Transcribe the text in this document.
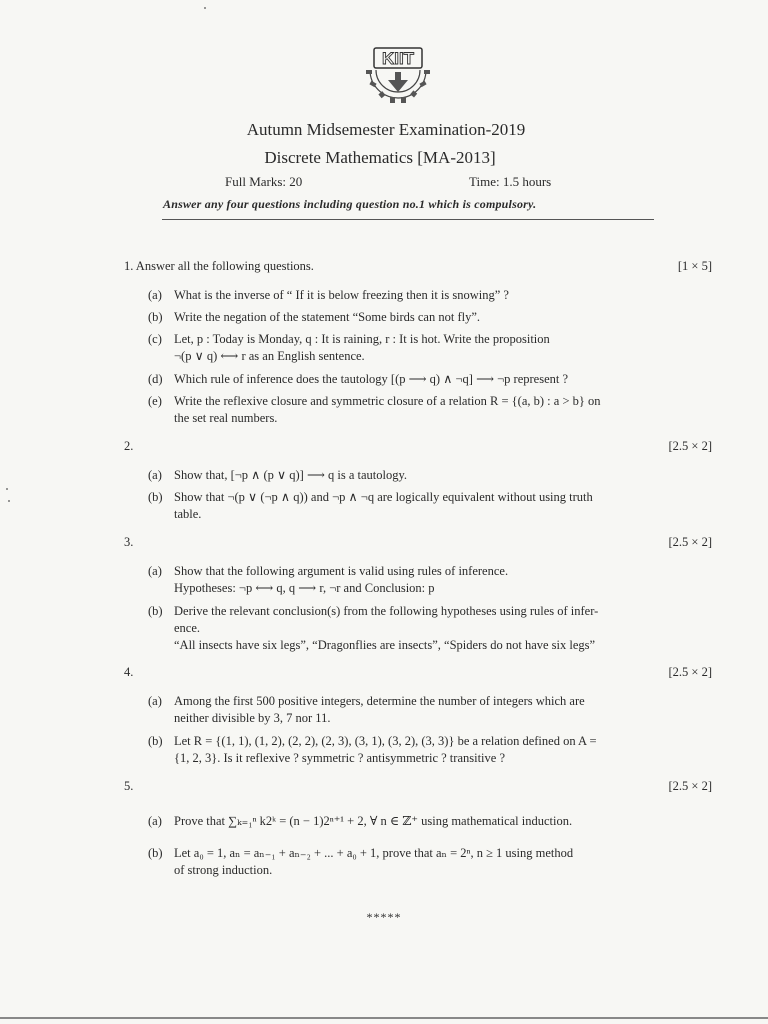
KIIT
Autumn Midsemester Examination-2019
Discrete Mathematics [MA-2013]
Full Marks: 20	Time: 1.5 hours
Answer any four questions including question no.1 which is compulsory.
1. Answer all the following questions.	[1 × 5]
(a) What is the inverse of “ If it is below freezing then it is snowing” ?
(b) Write the negation of the statement “Some birds can not fly”.
(c) Let, p : Today is Monday, q : It is raining, r : It is hot. Write the proposition
¬(p ∨ q) ⟷ r as an English sentence.
(d) Which rule of inference does the tautology [(p ⟶ q) ∧ ¬q] ⟶ ¬p represent ?
(e) Write the reflexive closure and symmetric closure of a relation R = {(a, b) : a > b} on
the set real numbers.
2.	[2.5 × 2]
(a) Show that, [¬p ∧ (p ∨ q)] ⟶ q is a tautology.
(b) Show that ¬(p ∨ (¬p ∧ q)) and ¬p ∧ ¬q are logically equivalent without using truth
table.
3.	[2.5 × 2]
(a) Show that the following argument is valid using rules of inference.
Hypotheses: ¬p ⟷ q, q ⟶ r, ¬r and Conclusion: p
(b) Derive the relevant conclusion(s) from the following hypotheses using rules of infer-
ence.
“All insects have six legs”, “Dragonflies are insects”, “Spiders do not have six legs”
4.	[2.5 × 2]
(a) Among the first 500 positive integers, determine the number of integers which are
neither divisible by 3, 7 nor 11.
(b) Let R = {(1, 1), (1, 2), (2, 2), (2, 3), (3, 1), (3, 2), (3, 3)} be a relation defined on A =
{1, 2, 3}. Is it reflexive ? symmetric ? antisymmetric ? transitive ?
5.	[2.5 × 2]
(a) Prove that ∑ₖ₌₁ⁿ k2ᵏ = (n − 1)2ⁿ⁺¹ + 2, ∀ n ∈ ℤ⁺ using mathematical induction.
(b) Let a₀ = 1, aₙ = aₙ₋₁ + aₙ₋₂ + ... + a₀ + 1, prove that aₙ = 2ⁿ, n ≥ 1 using method
of strong induction.
*****
